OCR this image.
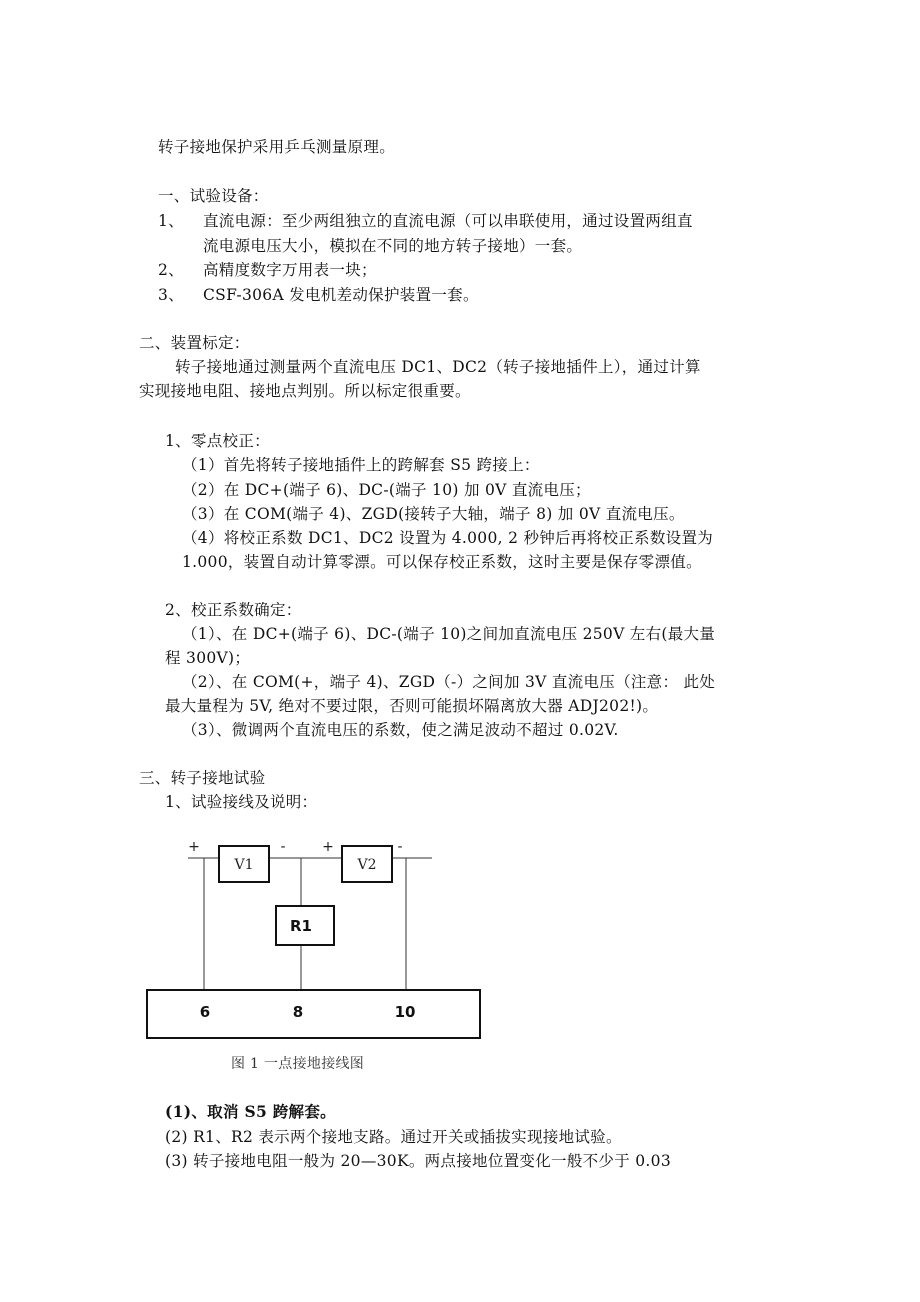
转子接地保护采用乒乓测量原理。
一、试验设备：
1、 直流电源：至少两组独立的直流电源（可以串联使用，通过设置两组直
流电源电压大小，模拟在不同的地方转子接地）一套。
2、 高精度数字万用表一块；
3、 CSF-306A 发电机差动保护装置一套。
二、装置标定：
转子接地通过测量两个直流电压 DC1、DC2（转子接地插件上），通过计算
实现接地电阻、接地点判别。所以标定很重要。
1、零点校正：
（1）首先将转子接地插件上的跨解套 S5 跨接上：
（2）在 DC+(端子 6)、DC-(端子 10) 加 0V 直流电压；
（3）在 COM(端子 4)、ZGD(接转子大轴，端子 8) 加 0V 直流电压。
（4）将校正系数 DC1、DC2 设置为 4.000, 2 秒钟后再将校正系数设置为
1.000，装置自动计算零漂。可以保存校正系数，这时主要是保存零漂值。
2、校正系数确定：
（1）、在 DC+(端子 6)、DC-(端子 10)之间加直流电压 250V 左右(最大量
程 300V)；
（2）、在 COM(+，端子 4)、ZGD（-）之间加 3V 直流电压（注意： 此处
最大量程为 5V, 绝对不要过限，否则可能损坏隔离放大器 ADJ202!)。
（3）、微调两个直流电压的系数，使之满足波动不超过 0.02V.
三、转子接地试验
1、试验接线及说明：
V1	V2
+	-	+	-
R1
6	8	10
图 1 一点接地接线图
(1)、取消 S5 跨解套。
(2) R1、R2 表示两个接地支路。通过开关或插拔实现接地试验。
(3) 转子接地电阻一般为 20—30K。两点接地位置变化一般不少于 0.03
